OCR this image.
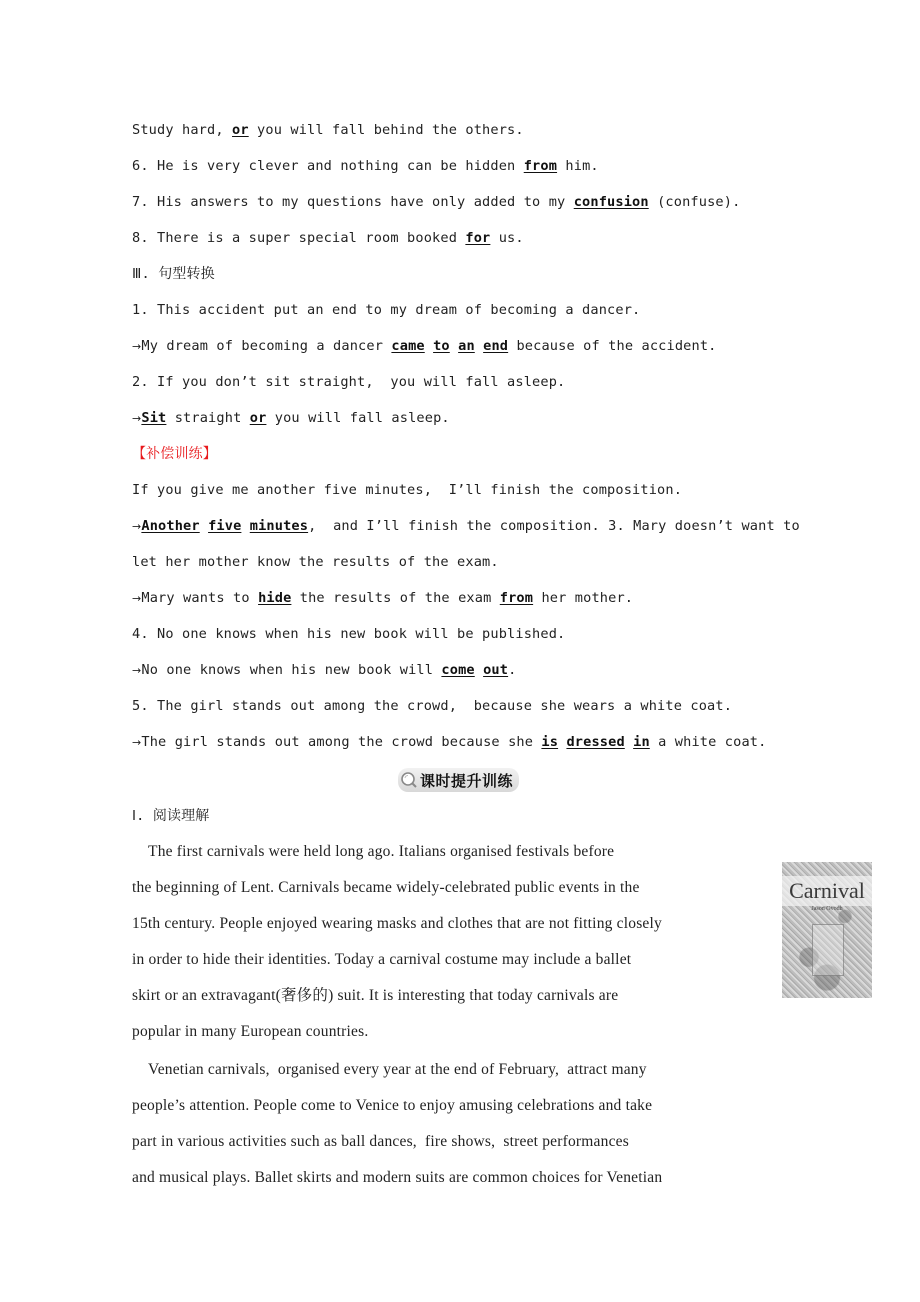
Study hard, or you will fall behind the others.
6. He is very clever and nothing can be hidden from him.
7. His answers to my questions have only added to my confusion (confuse).
8. There is a super special room booked for us.
Ⅲ. 句型转换
1. This accident put an end to my dream of becoming a dancer.
→My dream of becoming a dancer came to an end because of the accident.
2. If you don’t sit straight,  you will fall asleep.
→Sit straight or you will fall asleep.
【补偿训练】
If you give me another five minutes,  I’ll finish the composition.
→Another five minutes,  and I’ll finish the composition. 3. Mary doesn’t want to
let her mother know the results of the exam.
→Mary wants to hide the results of the exam from her mother.
4. No one knows when his new book will be published.
→No one knows when his new book will come out.
5. The girl stands out among the crowd,  because she wears a white coat.
→The girl stands out among the crowd because she is dressed in a white coat.
Ⅰ. 阅读理解
The first carnivals were held long ago. Italians organised festivals before
the beginning of Lent. Carnivals became widely-celebrated public events in the
15th century. People enjoyed wearing masks and clothes that are not fitting closely
in order to hide their identities. Today a carnival costume may include a ballet
skirt or an extravagant(奢侈的) suit. It is interesting that today carnivals are
popular in many European countries.
Venetian carnivals,  organised every year at the end of February,  attract many
people’s attention. People come to Venice to enjoy amusing celebrations and take
part in various activities such as ball dances,  fire shows,  street performances
and musical plays. Ballet skirts and modern suits are common choices for Venetian
课时提升训练
Carnival
Jason Ovodh
